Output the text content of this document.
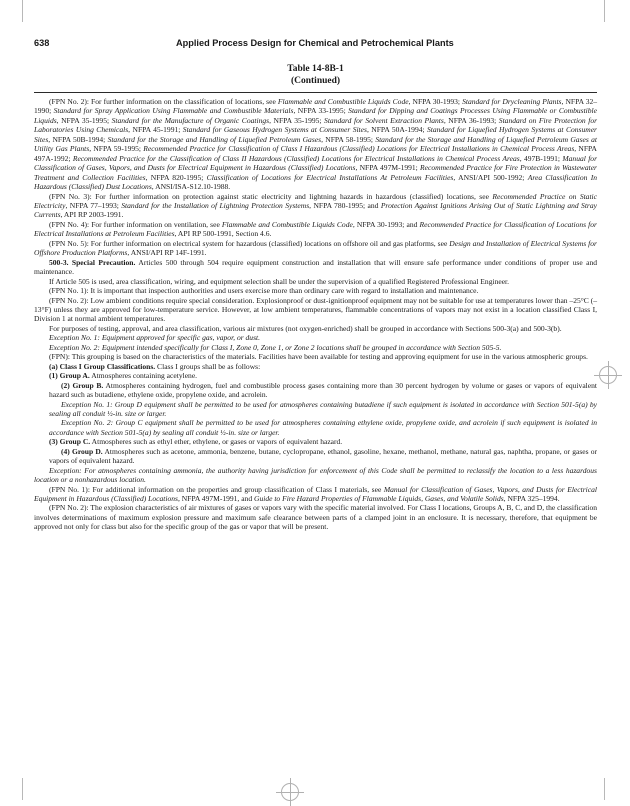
638	Applied Process Design for Chemical and Petrochemical Plants
Table 14-8B-1
(Continued)

(FPN No. 2): For further information on the classification of locations, see Flammable and Combustible Liquids Code, NFPA 30-1993; Standard for Drycleaning Plants, NFPA 32–1990; Standard for Spray Application Using Flammable and Combustible Materials, NFPA 33-1995; Standard for Dipping and Coatings Processes Using Flammable or Combustible Liquids, NFPA 35-1995; Standard for the Manufacture of Organic Coatings, NFPA 35-1995; Standard for Solvent Extraction Plants, NFPA 36-1993; Standard on Fire Protection for Laboratories Using Chemicals, NFPA 45-1991; Standard for Gaseous Hydrogen Systems at Consumer Sites, NFPA 50A-1994; Standard for Liquefied Hydrogen Systems at Consumer Sites, NFPA 50B-1994; Standard for the Storage and Handling of Liquefied Petroleum Gases, NFPA 58-1995; Standard for the Storage and Handling of Liquefied Petroleum Gases at Utility Gas Plants, NFPA 59-1995; Recommended Practice for Classification of Class I Hazardous (Classified) Locations for Electrical Installations in Chemical Process Areas, NFPA 497A-1992; Recommended Practice for the Classification of Class II Hazardous (Classified) Locations for Electrical Installations in Chemical Process Areas, 497B-1991; Manual for Classification of Gases, Vapors, and Dusts for Electrical Equipment in Hazardous (Classified) Locations, NFPA 497M-1991; Recommended Practice for Fire Protection in Wastewater Treatment and Collection Facilities, NFPA 820-1995; Classification of Locations for Electrical Installations At Petroleum Facilities, ANSI/API 500-1992; Area Classification In Hazardous (Classified) Dust Locations, ANSI/ISA-S12.10-1988.

(FPN No. 3): For further information on protection against static electricity and lightning hazards in hazardous (classified) locations, see Recommended Practice on Static Electricity, NFPA 77–1993; Standard for the Installation of Lightning Protection Systems, NFPA 780-1995; and Protection Against Ignitions Arising Out of Static Lightning and Stray Currents, API RP 2003-1991.

(FPN No. 4): For further information on ventilation, see Flammable and Combustible Liquids Code, NFPA 30-1993; and Recommended Practice for Classification of Locations for Electrical Installations at Petroleum Facilities, API RP 500-1991, Section 4.6.

(FPN No. 5): For further information on electrical system for hazardous (classified) locations on offshore oil and gas platforms, see Design and Installation of Electrical Systems for Offshore Production Platforms, ANSI/API RP 14F-1991.

500-3. Special Precaution. Articles 500 through 504 require equipment construction and installation that will ensure safe performance under conditions of proper use and maintenance.

If Article 505 is used, area classification, wiring, and equipment selection shall be under the supervision of a qualified Registered Professional Engineer.

(FPN No. 1): It is important that inspection authorities and users exercise more than ordinary care with regard to installation and maintenance.

(FPN No. 2): Low ambient conditions require special consideration. Explosionproof or dust-ignitionproof equipment may not be suitable for use at temperatures lower than –25°C (–13°F) unless they are approved for low-temperature service. However, at low ambient temperatures, flammable concentrations of vapors may not exist in a location classified Class I, Division 1 at normal ambient temperatures.

For purposes of testing, approval, and area classification, various air mixtures (not oxygen-enriched) shall be grouped in accordance with Sections 500-3(a) and 500-3(b).

Exception No. 1: Equipment approved for specific gas, vapor, or dust.

Exception No. 2: Equipment intended specifically for Class I, Zone 0, Zone 1, or Zone 2 locations shall be grouped in accordance with Section 505-5.

(FPN): This grouping is based on the characteristics of the materials. Facilities have been available for testing and approving equipment for use in the various atmospheric groups.

(a) Class I Group Classifications. Class I groups shall be as follows:

(1) Group A. Atmospheres containing acetylene.

(2) Group B. Atmospheres containing hydrogen, fuel and combustible process gases containing more than 30 percent hydrogen by volume or gases or vapors of equivalent hazard such as butadiene, ethylene oxide, propylene oxide, and acrolein.

Exception No. 1: Group D equipment shall be permitted to be used for atmospheres containing butadiene if such equipment is isolated in accordance with Section 501-5(a) by sealing all conduit ½-in. size or larger.

Exception No. 2: Group C equipment shall be permitted to be used for atmospheres containing ethylene oxide, propylene oxide, and acrolein if such equipment is isolated in accordance with Section 501-5(a) by sealing all conduit ½-in. size or larger.

(3) Group C. Atmospheres such as ethyl ether, ethylene, or gases or vapors of equivalent hazard.

(4) Group D. Atmospheres such as acetone, ammonia, benzene, butane, cyclopropane, ethanol, gasoline, hexane, methanol, methane, natural gas, naphtha, propane, or gases or vapors of equivalent hazard.

Exception: For atmospheres containing ammonia, the authority having jurisdiction for enforcement of this Code shall be permitted to reclassify the location to a less hazardous location or a nonhazardous location.

(FPN No. 1): For additional information on the properties and group classification of Class I materials, see Manual for Classification of Gases, Vapors, and Dusts for Electrical Equipment in Hazardous (Classified) Locations, NFPA 497M-1991, and Guide to Fire Hazard Properties of Flammable Liquids, Gases, and Volatile Solids, NFPA 325–1994.

(FPN No. 2): The explosion characteristics of air mixtures of gases or vapors vary with the specific material involved. For Class I locations, Groups A, B, C, and D, the classification involves determinations of maximum explosion pressure and maximum safe clearance between parts of a clamped joint in an enclosure. It is necessary, therefore, that equipment be approved not only for class but also for the specific group of the gas or vapor that will be present.
